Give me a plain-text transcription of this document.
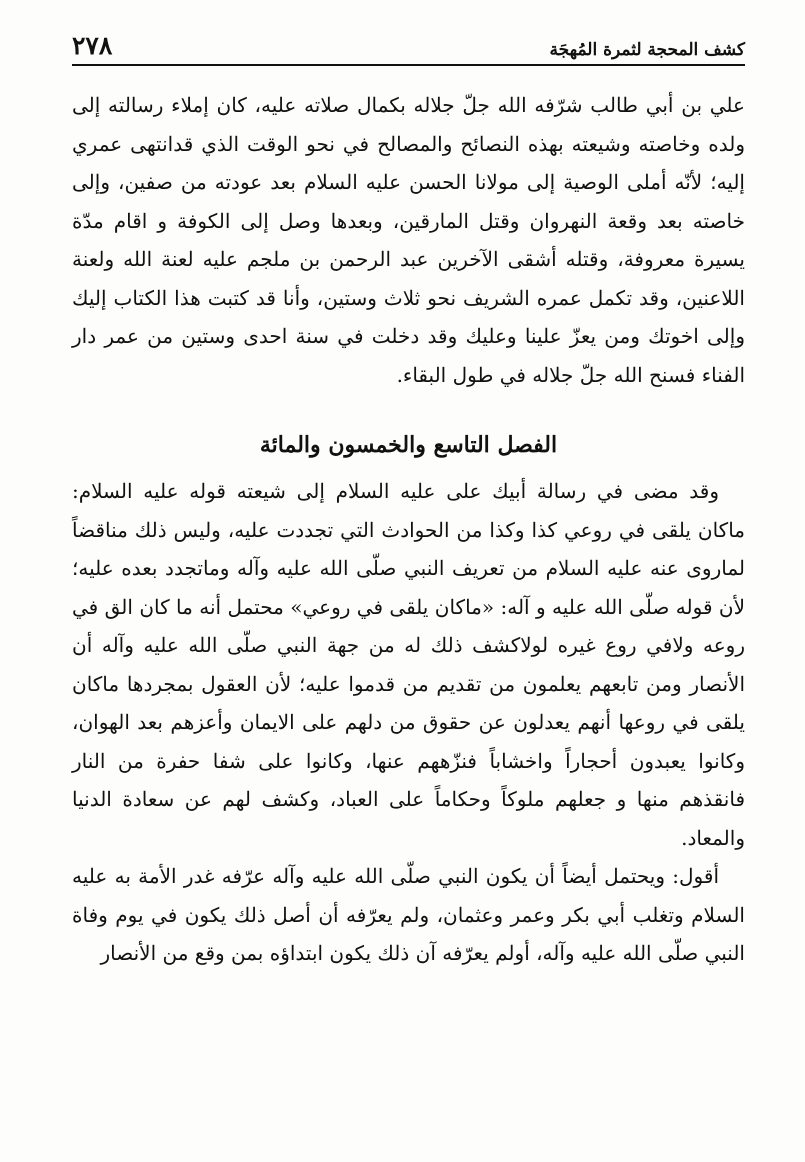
كشف المحجة لثمرة المُهجَة
٢٧٨

علي بن أبي طالب شرّفه الله جلّ جلاله بكمال صلاته عليه، كان إملاء رسالته إلى ولده وخاصته وشيعته بهذه النصائح والمصالح في نحو الوقت الذي قدانتهى عمري إليه؛ لأنّه أملى الوصية إلى مولانا الحسن عليه السلام بعد عودته من صفين، وإلى خاصته بعد وقعة النهروان وقتل المارقين، وبعدها وصل إلى الكوفة و اقام مدّة يسيرة معروفة، وقتله أشقى الآخرين عبد الرحمن بن ملجم عليه لعنة الله ولعنة اللاعنين، وقد تكمل عمره الشريف نحو ثلاث وستين، وأنا قد كتبت هذا الكتاب إليك وإلى اخوتك ومن يعزّ علينا وعليك وقد دخلت في سنة احدى وستين من عمر دار الفناء فسنح الله جلّ جلاله في طول البقاء.

الفصل التاسع والخمسون والمائة

وقد مضى في رسالة أبيك على عليه السلام إلى شيعته قوله عليه السلام: ماكان يلقى في روعي كذا وكذا من الحوادث التي تجددت عليه، وليس ذلك مناقضاً لماروى عنه عليه السلام من تعريف النبي صلّى الله عليه وآله وماتجدد بعده عليه؛ لأن قوله صلّى الله عليه و آله: «ماكان يلقى في روعي» محتمل أنه ما كان الق في روعه ولافي روع غيره لولاكشف ذلك له من جهة النبي صلّى الله عليه وآله أن الأنصار ومن تابعهم يعلمون من تقديم من قدموا عليه؛ لأن العقول بمجردها ماكان يلقى في روعها أنهم يعدلون عن حقوق من دلهم على الايمان وأعزهم بعد الهوان، وكانوا يعبدون أحجاراً واخشاباً فنزّههم عنها، وكانوا على شفا حفرة من النار فانقذهم منها و جعلهم ملوكاً وحكاماً على العباد، وكشف لهم عن سعادة الدنيا والمعاد.

أقول: ويحتمل أيضاً أن يكون النبي صلّى الله عليه وآله عرّفه غدر الأمة به عليه السلام وتغلب أبي بكر وعمر وعثمان، ولم يعرّفه أن أصل ذلك يكون في يوم وفاة النبي صلّى الله عليه وآله، أولم يعرّفه آن ذلك يكون ابتداؤه بمن وقع من الأنصار
